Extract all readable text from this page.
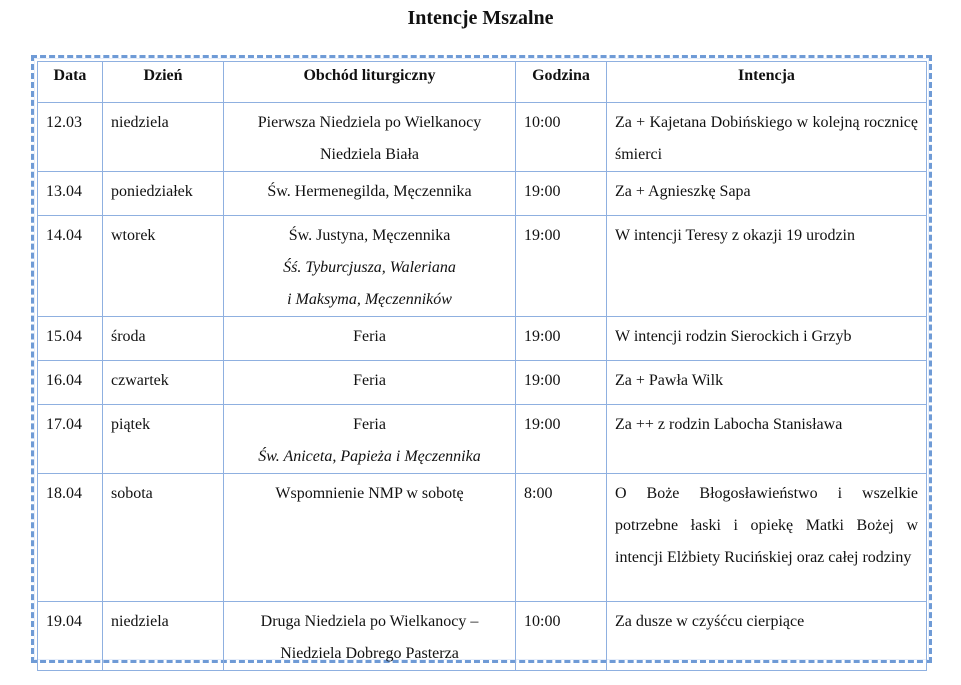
Intencje Mszalne
Data	Dzień	Obchód liturgiczny	Godzina	Intencja
12.03	niedziela	Pierwsza Niedziela po Wielkanocy
Niedziela Biała	10:00	Za + Kajetana Dobińskiego w kolejną rocznicę śmierci
13.04	poniedziałek	Św. Hermenegilda, Męczennika	19:00	Za + Agnieszkę Sapa
14.04	wtorek	Św. Justyna, Męczennika
Śś. Tyburcjusza, Waleriana
i Maksyma, Męczenników	19:00	W intencji Teresy z okazji 19 urodzin
15.04	środa	Feria	19:00	W intencji rodzin Sierockich i Grzyb
16.04	czwartek	Feria	19:00	Za + Pawła Wilk
17.04	piątek	Feria
Św. Aniceta, Papieża i Męczennika	19:00	Za ++ z rodzin Labocha Stanisława
18.04	sobota	Wspomnienie NMP w sobotę	8:00	O Boże Błogosławieństwo i wszelkie potrzebne łaski i opiekę Matki Bożej w intencji Elżbiety Rucińskiej oraz całej rodziny
19.04	niedziela	Druga Niedziela po Wielkanocy –
Niedziela Dobrego Pasterza	10:00	Za dusze w czyśćcu cierpiące
